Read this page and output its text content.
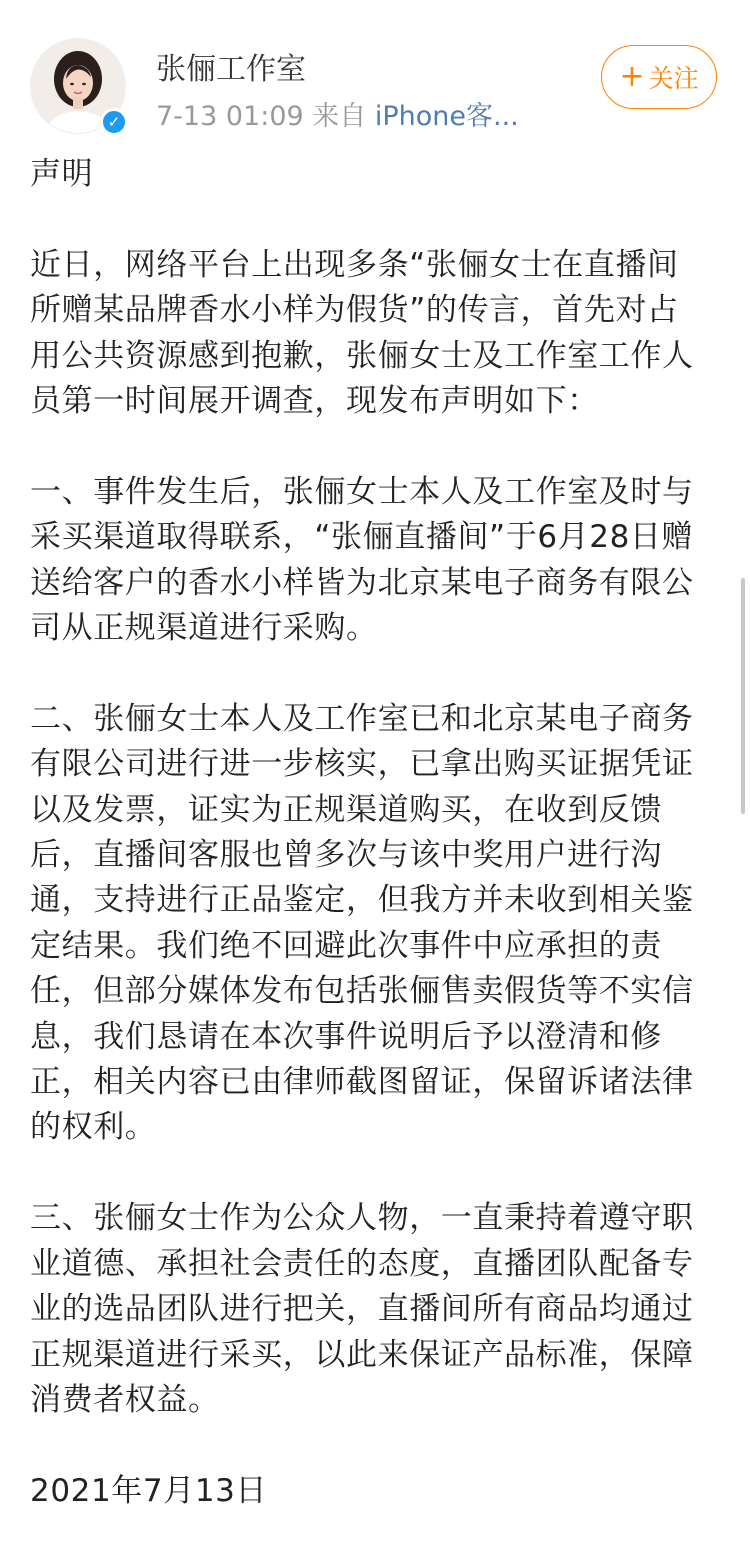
✓
张俪工作室
7-13 01:09 来自 iPhone客...
+ 关注

声明

近日，网络平台上出现多条“张俪女士在直播间
所赠某品牌香水小样为假货”的传言，首先对占
用公共资源感到抱歉，张俪女士及工作室工作人
员第一时间展开调查，现发布声明如下：

一、事件发生后，张俪女士本人及工作室及时与
采买渠道取得联系，“张俪直播间”于6月28日赠
送给客户的香水小样皆为北京某电子商务有限公
司从正规渠道进行采购。

二、张俪女士本人及工作室已和北京某电子商务
有限公司进行进一步核实，已拿出购买证据凭证
以及发票，证实为正规渠道购买，在收到反馈
后，直播间客服也曾多次与该中奖用户进行沟
通，支持进行正品鉴定，但我方并未收到相关鉴
定结果。我们绝不回避此次事件中应承担的责
任，但部分媒体发布包括张俪售卖假货等不实信
息，我们恳请在本次事件说明后予以澄清和修
正，相关内容已由律师截图留证，保留诉诸法律
的权利。

三、张俪女士作为公众人物，一直秉持着遵守职
业道德、承担社会责任的态度，直播团队配备专
业的选品团队进行把关，直播间所有商品均通过
正规渠道进行采买，以此来保证产品标准，保障
消费者权益。

2021年7月13日
